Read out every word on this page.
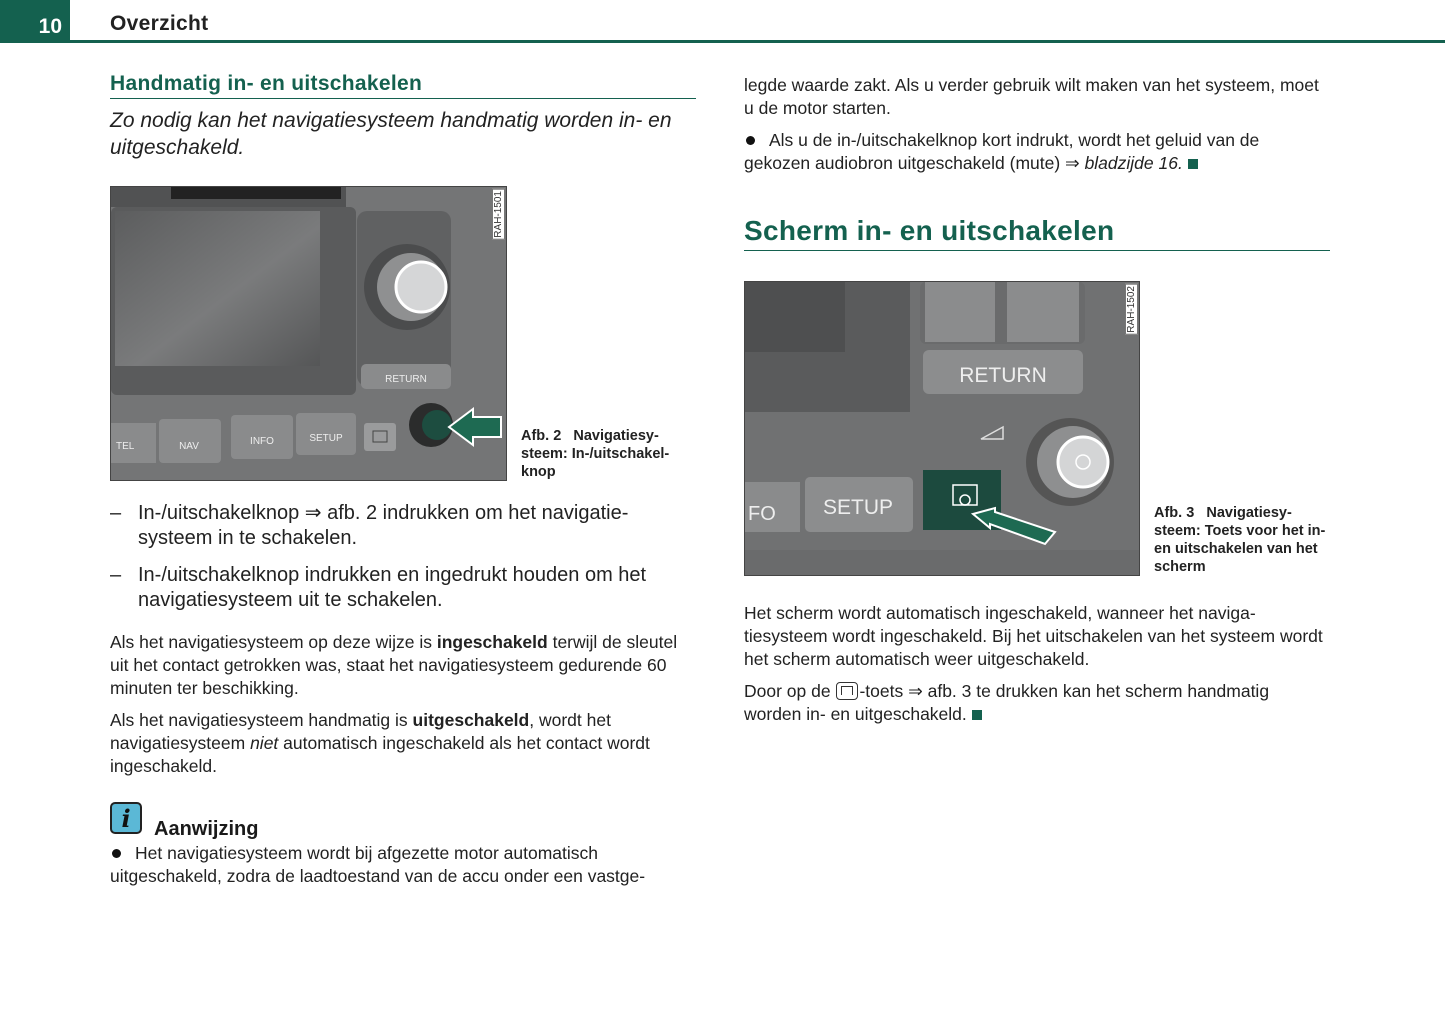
10	Overzicht
Handmatig in- en uitschakelen

Zo nodig kan het navigatiesysteem handmatig worden in- en uitgeschakeld.

RETURN
TEL	NAV	INFO	SETUP
RAH-1501
Afb. 2 Navigatiesy- steem: In-/uitschakel- knop
– In-/uitschakelknop ⇒ afb. 2 indrukken om het navigatie- systeem in te schakelen.
– In-/uitschakelknop indrukken en ingedrukt houden om het navigatiesysteem uit te schakelen.

Als het navigatiesysteem op deze wijze is ingeschakeld terwijl de sleutel uit het contact getrokken was, staat het navigatiesysteem gedurende 60 minuten ter beschikking.

Als het navigatiesysteem handmatig is uitgeschakeld, wordt het navigatiesysteem niet automatisch ingeschakeld als het contact wordt ingeschakeld.

i	Aanwijzing
Het navigatiesysteem wordt bij afgezette motor automatisch uitgeschakeld, zodra de laadtoestand van de accu onder een vastge-

legde waarde zakt. Als u verder gebruik wilt maken van het systeem, moet u de motor starten.

Als u de in-/uitschakelknop kort indrukt, wordt het geluid van de gekozen audiobron uitgeschakeld (mute) ⇒ bladzijde 16.
Scherm in- en uitschakelen
RETURN
FO SETUP
RAH-1502
Afb. 3 Navigatiesy- steem: Toets voor het in- en uitschakelen van het scherm

Het scherm wordt automatisch ingeschakeld, wanneer het naviga- tiesysteem wordt ingeschakeld. Bij het uitschakelen van het systeem wordt het scherm automatisch weer uitgeschakeld.

Door op de -toets ⇒ afb. 3 te drukken kan het scherm handmatig worden in- en uitgeschakeld.
